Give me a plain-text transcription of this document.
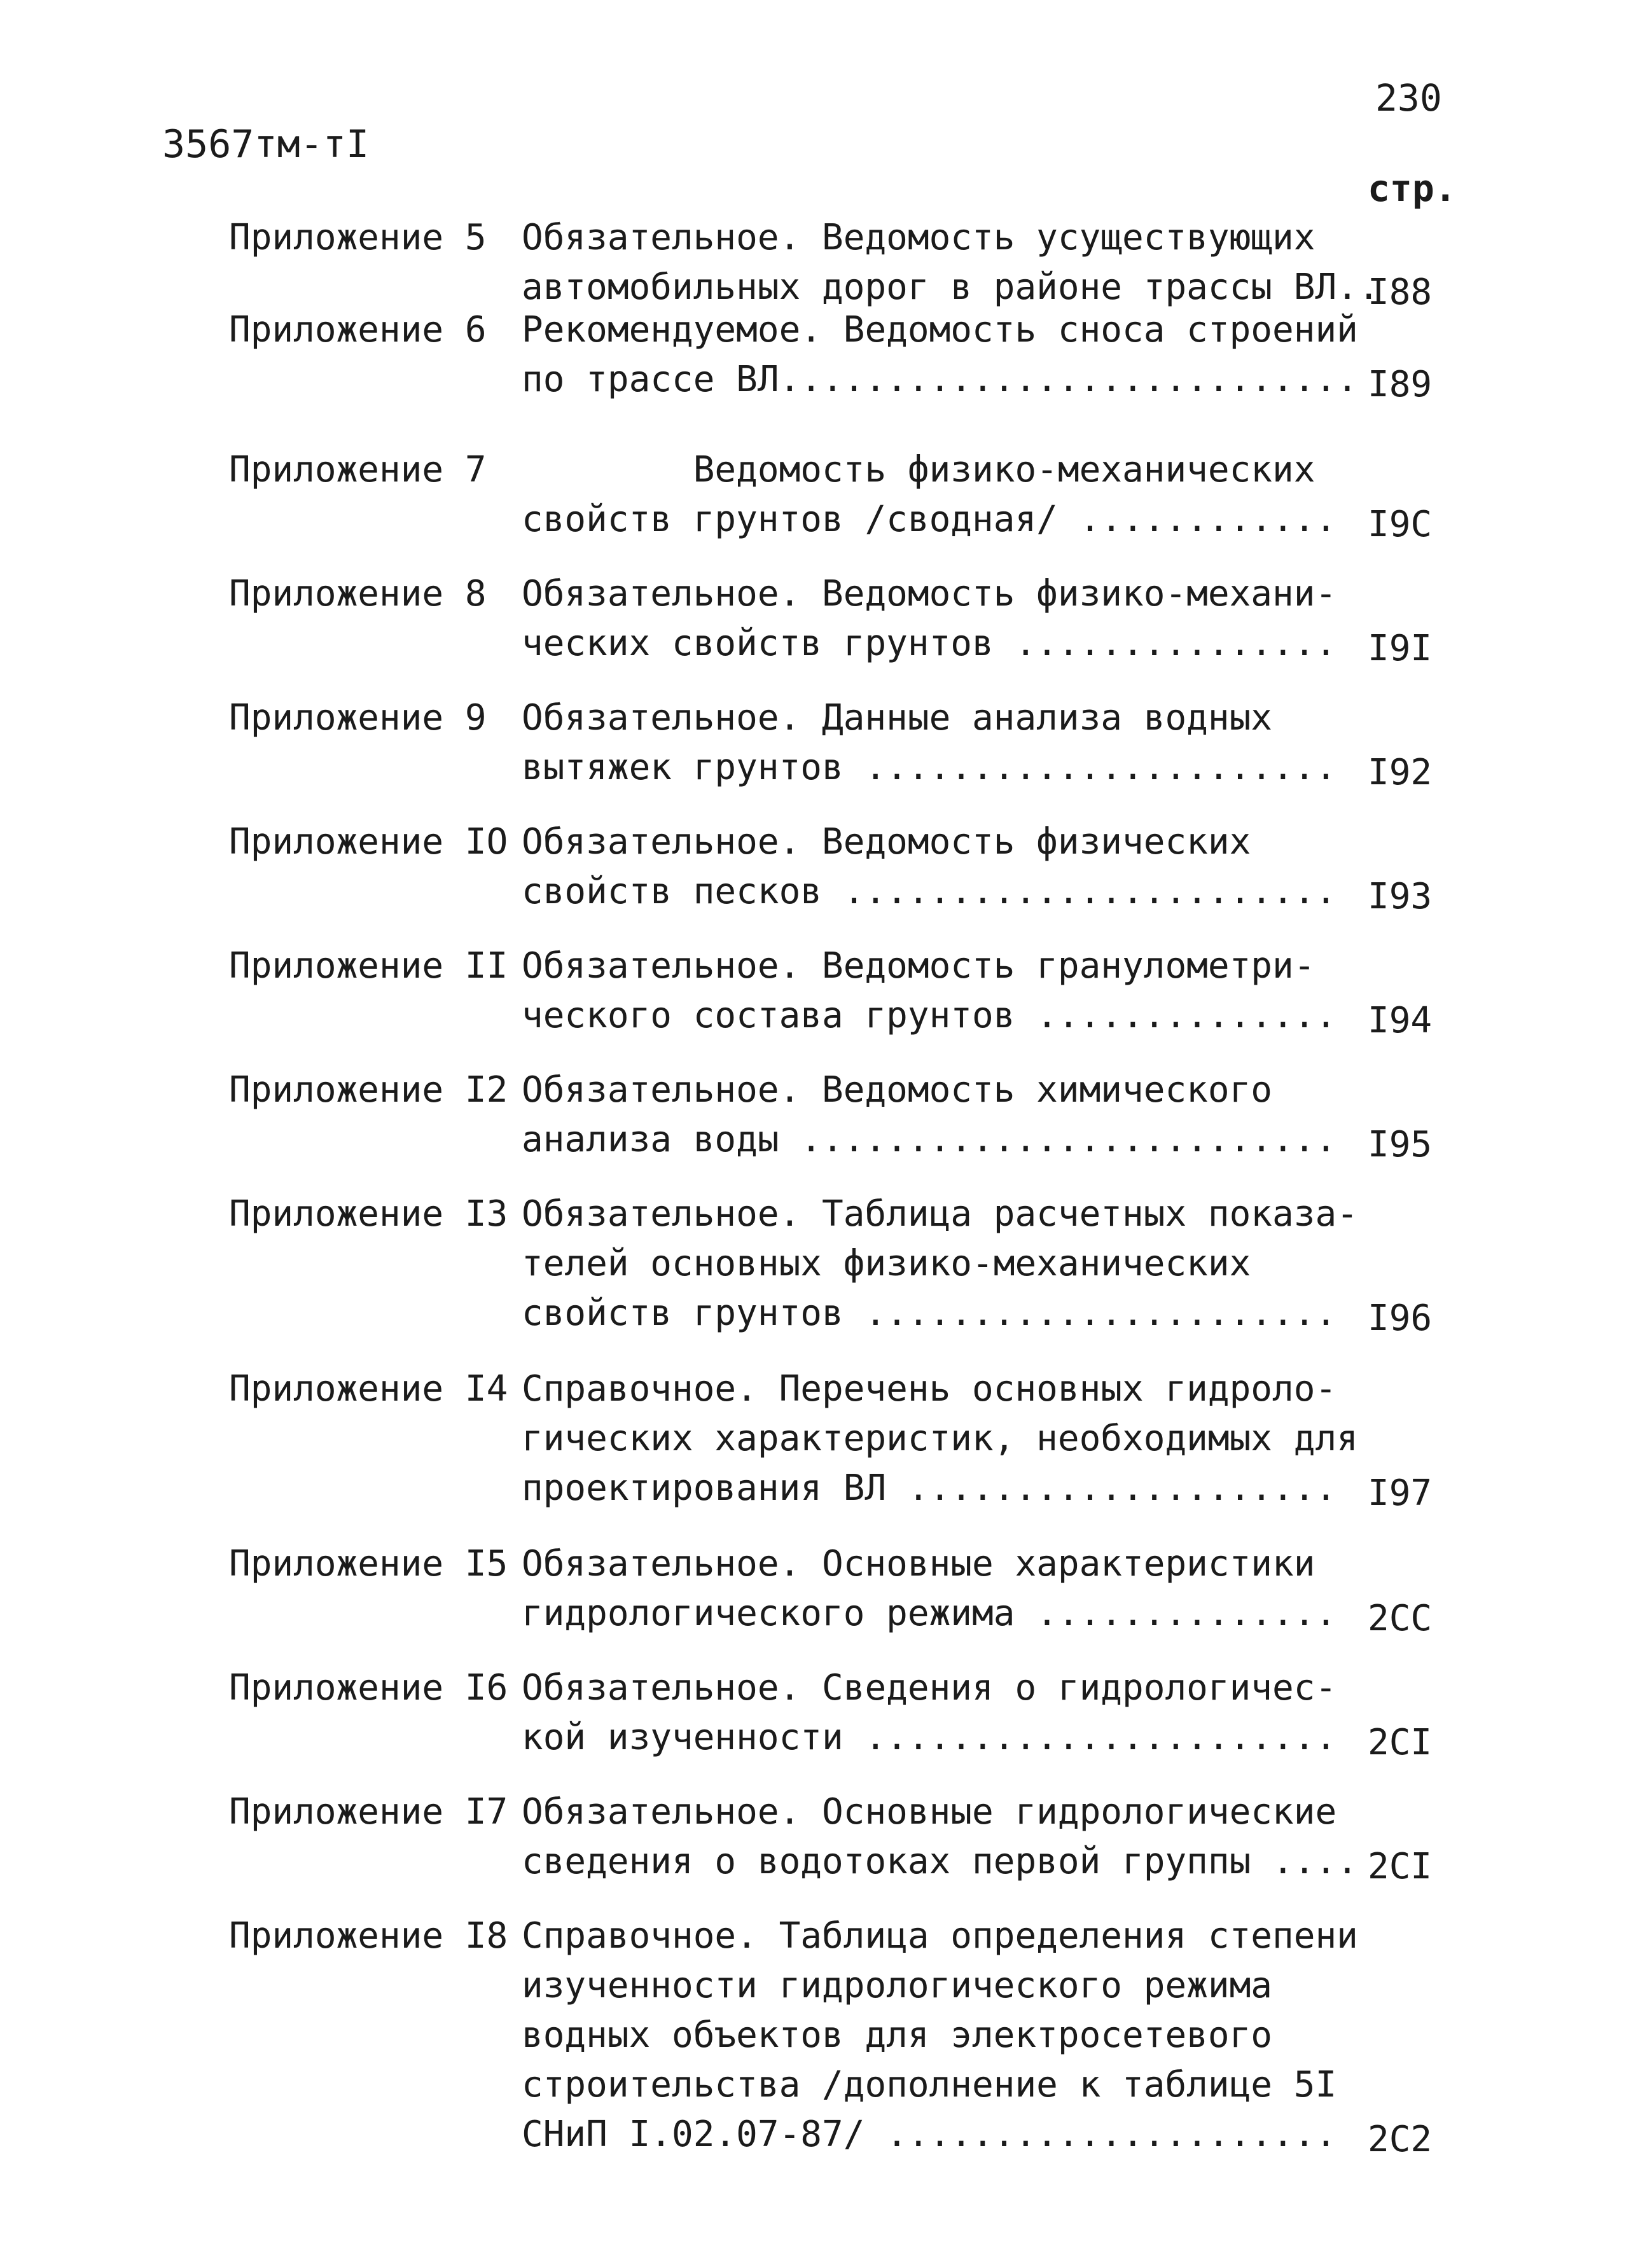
230
3567тм-тI
стр.
Приложение 5 Обязательное. Ведомость усуществующих
автомобильных дорог в районе трассы ВЛ..
I88
Приложение 6 Рекомендуемое. Ведомость сноса строений
по трассе ВЛ........................... I89
Приложение 7 Ведомость физико-механических
свойств грунтов /сводная/ ............ I9C
Приложение 8 Обязательное. Ведомость физико-механи-
ческих свойств грунтов ............... I9I
Приложение 9 Обязательное. Данные анализа водных
вытяжек грунтов ...................... I92
Приложение IO Обязательное. Ведомость физических
свойств песков ....................... I93
Приложение II Обязательное. Ведомость гранулометри-
ческого состава грунтов .............. I94
Приложение I2 Обязательное. Ведомость химического
анализа воды ......................... I95
Приложение I3 Обязательное. Таблица расчетных показа-
телей основных физико-механических
свойств грунтов ...................... I96
Приложение I4 Справочное. Перечень основных гидроло-
гических характеристик, необходимых для
проектирования ВЛ .................... I97
Приложение I5 Обязательное. Основные характеристики
гидрологического режима .............. 2CC
Приложение I6 Обязательное. Сведения о гидрологичес-
кой изученности ...................... 2CI
Приложение I7 Обязательное. Основные гидрологические
сведения о водотоках первой группы .... 2CI
Приложение I8 Справочное. Таблица определения степени
изученности гидрологического режима
водных объектов для электросетевого
строительства /дополнение к таблице 5I
СНиП I.02.07-87/ ..................... 2C2
